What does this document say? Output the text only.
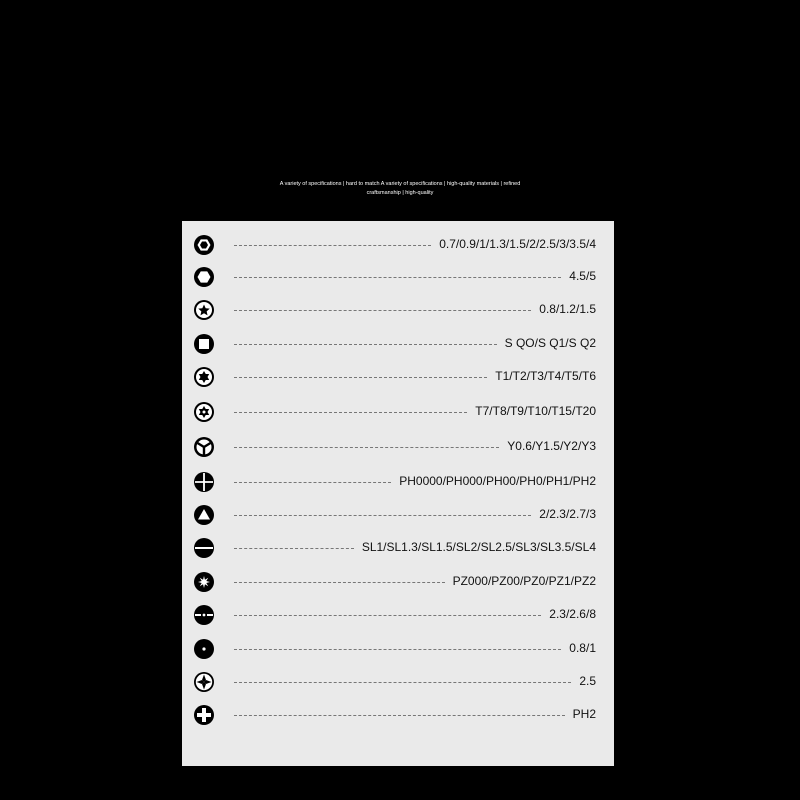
A variety of specifications | hard to match A variety of specifications | high-quality materials | refined
craftsmanship | high-quality
0.7/0.9/1/1.3/1.5/2/2.5/3/3.5/4
4.5/5
0.8/1.2/1.5
S QO/S Q1/S Q2
T1/T2/T3/T4/T5/T6
T7/T8/T9/T10/T15/T20
Y0.6/Y1.5/Y2/Y3
PH0000/PH000/PH00/PH0/PH1/PH2
2/2.3/2.7/3
SL1/SL1.3/SL1.5/SL2/SL2.5/SL3/SL3.5/SL4
PZ000/PZ00/PZ0/PZ1/PZ2
2.3/2.6/8
0.8/1
2.5
PH2
